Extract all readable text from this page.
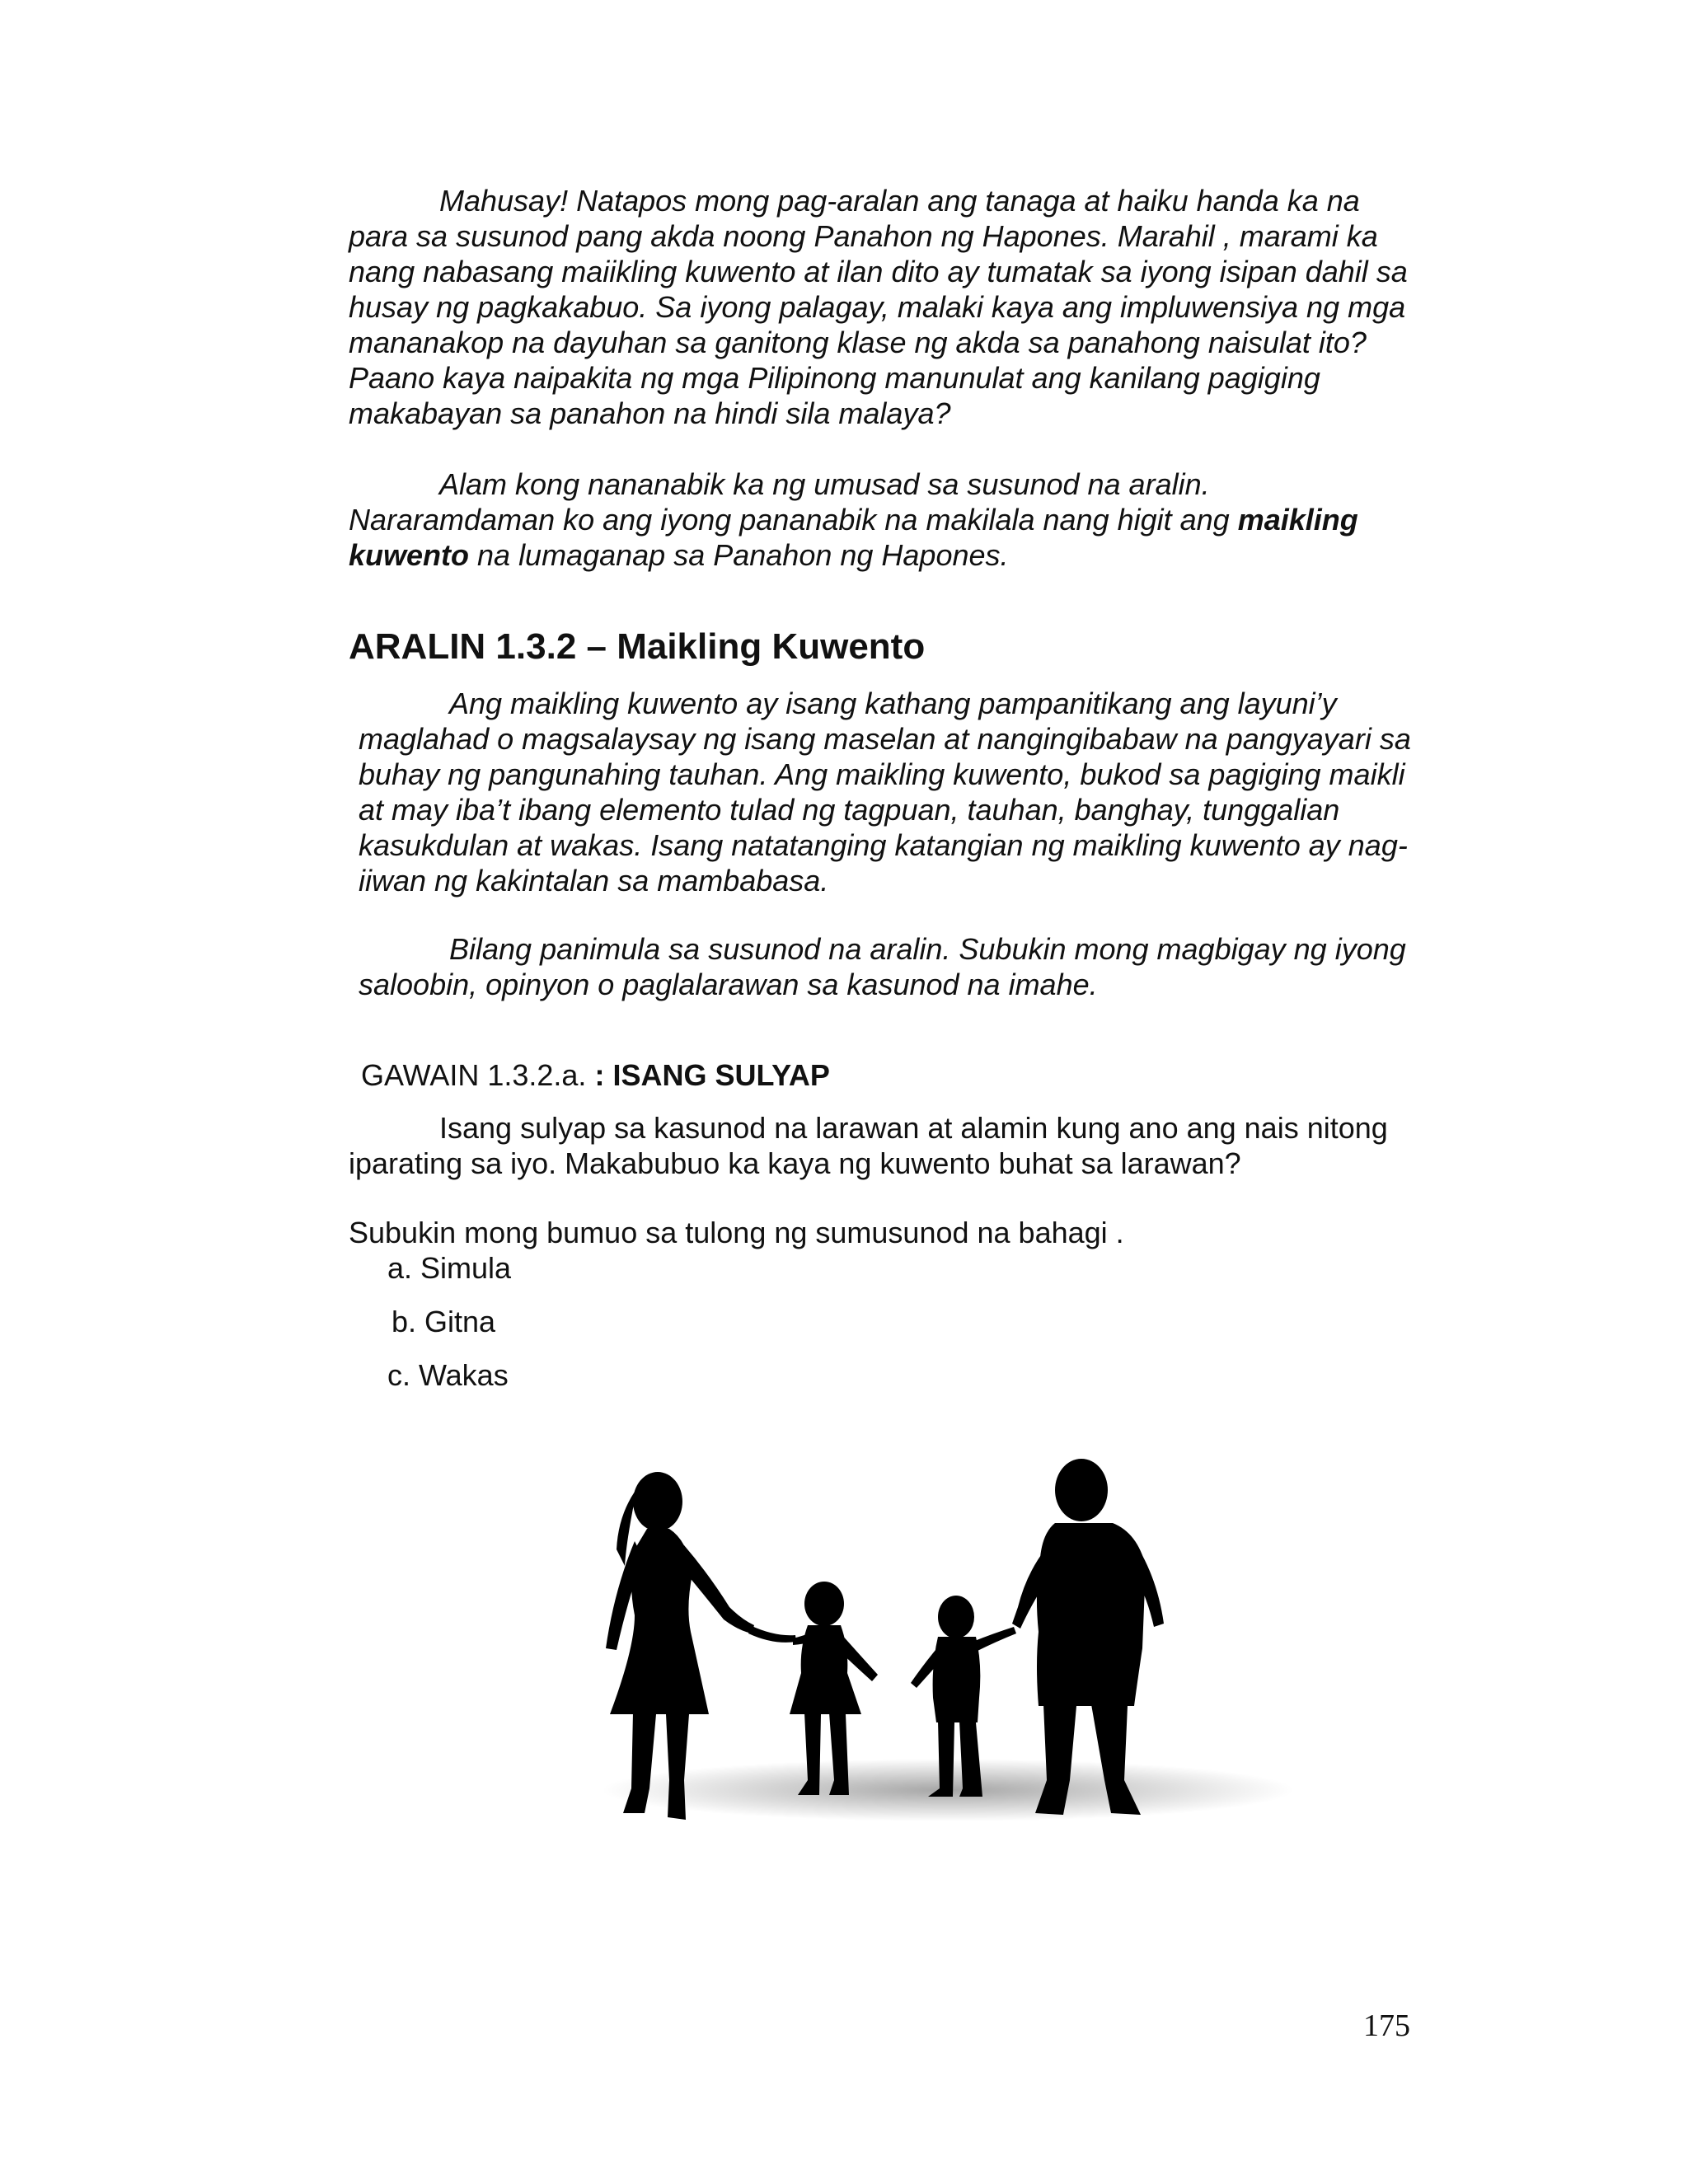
Mahusay! Natapos mong pag-aralan ang tanaga at haiku handa ka na para sa susunod pang akda noong Panahon ng Hapones. Marahil , marami ka nang nabasang maiikling kuwento at ilan dito ay tumatak sa iyong isipan dahil sa husay ng pagkakabuo. Sa iyong palagay, malaki kaya ang impluwensiya ng mga mananakop na dayuhan sa ganitong klase ng akda sa panahong naisulat ito? Paano kaya naipakita ng mga Pilipinong manunulat ang kanilang pagiging makabayan sa panahon na hindi sila malaya?

Alam kong nananabik ka ng umusad sa susunod na aralin. Nararamdaman ko ang iyong pananabik na makilala nang higit ang maikling kuwento na lumaganap sa Panahon ng Hapones.

ARALIN 1.3.2 – Maikling Kuwento

Ang maikling kuwento ay isang kathang pampanitikang ang layuni’y maglahad o magsalaysay ng isang maselan at nangingibabaw na pangyayari sa buhay ng pangunahing tauhan. Ang maikling kuwento, bukod sa pagiging maikli at may iba’t ibang elemento tulad ng tagpuan, tauhan, banghay, tunggalian kasukdulan at wakas. Isang natatanging katangian ng maikling kuwento ay nag-iiwan ng kakintalan sa mambabasa.

Bilang panimula sa susunod na aralin. Subukin mong magbigay ng iyong saloobin, opinyon o paglalarawan sa kasunod na imahe.

GAWAIN 1.3.2.a. : ISANG SULYAP

Isang sulyap sa kasunod na larawan at alamin kung ano ang nais nitong iparating sa iyo. Makabubuo ka kaya ng kuwento buhat sa larawan?

Subukin mong bumuo sa tulong ng sumusunod na bahagi .

a. Simula

b. Gitna

c. Wakas

175
